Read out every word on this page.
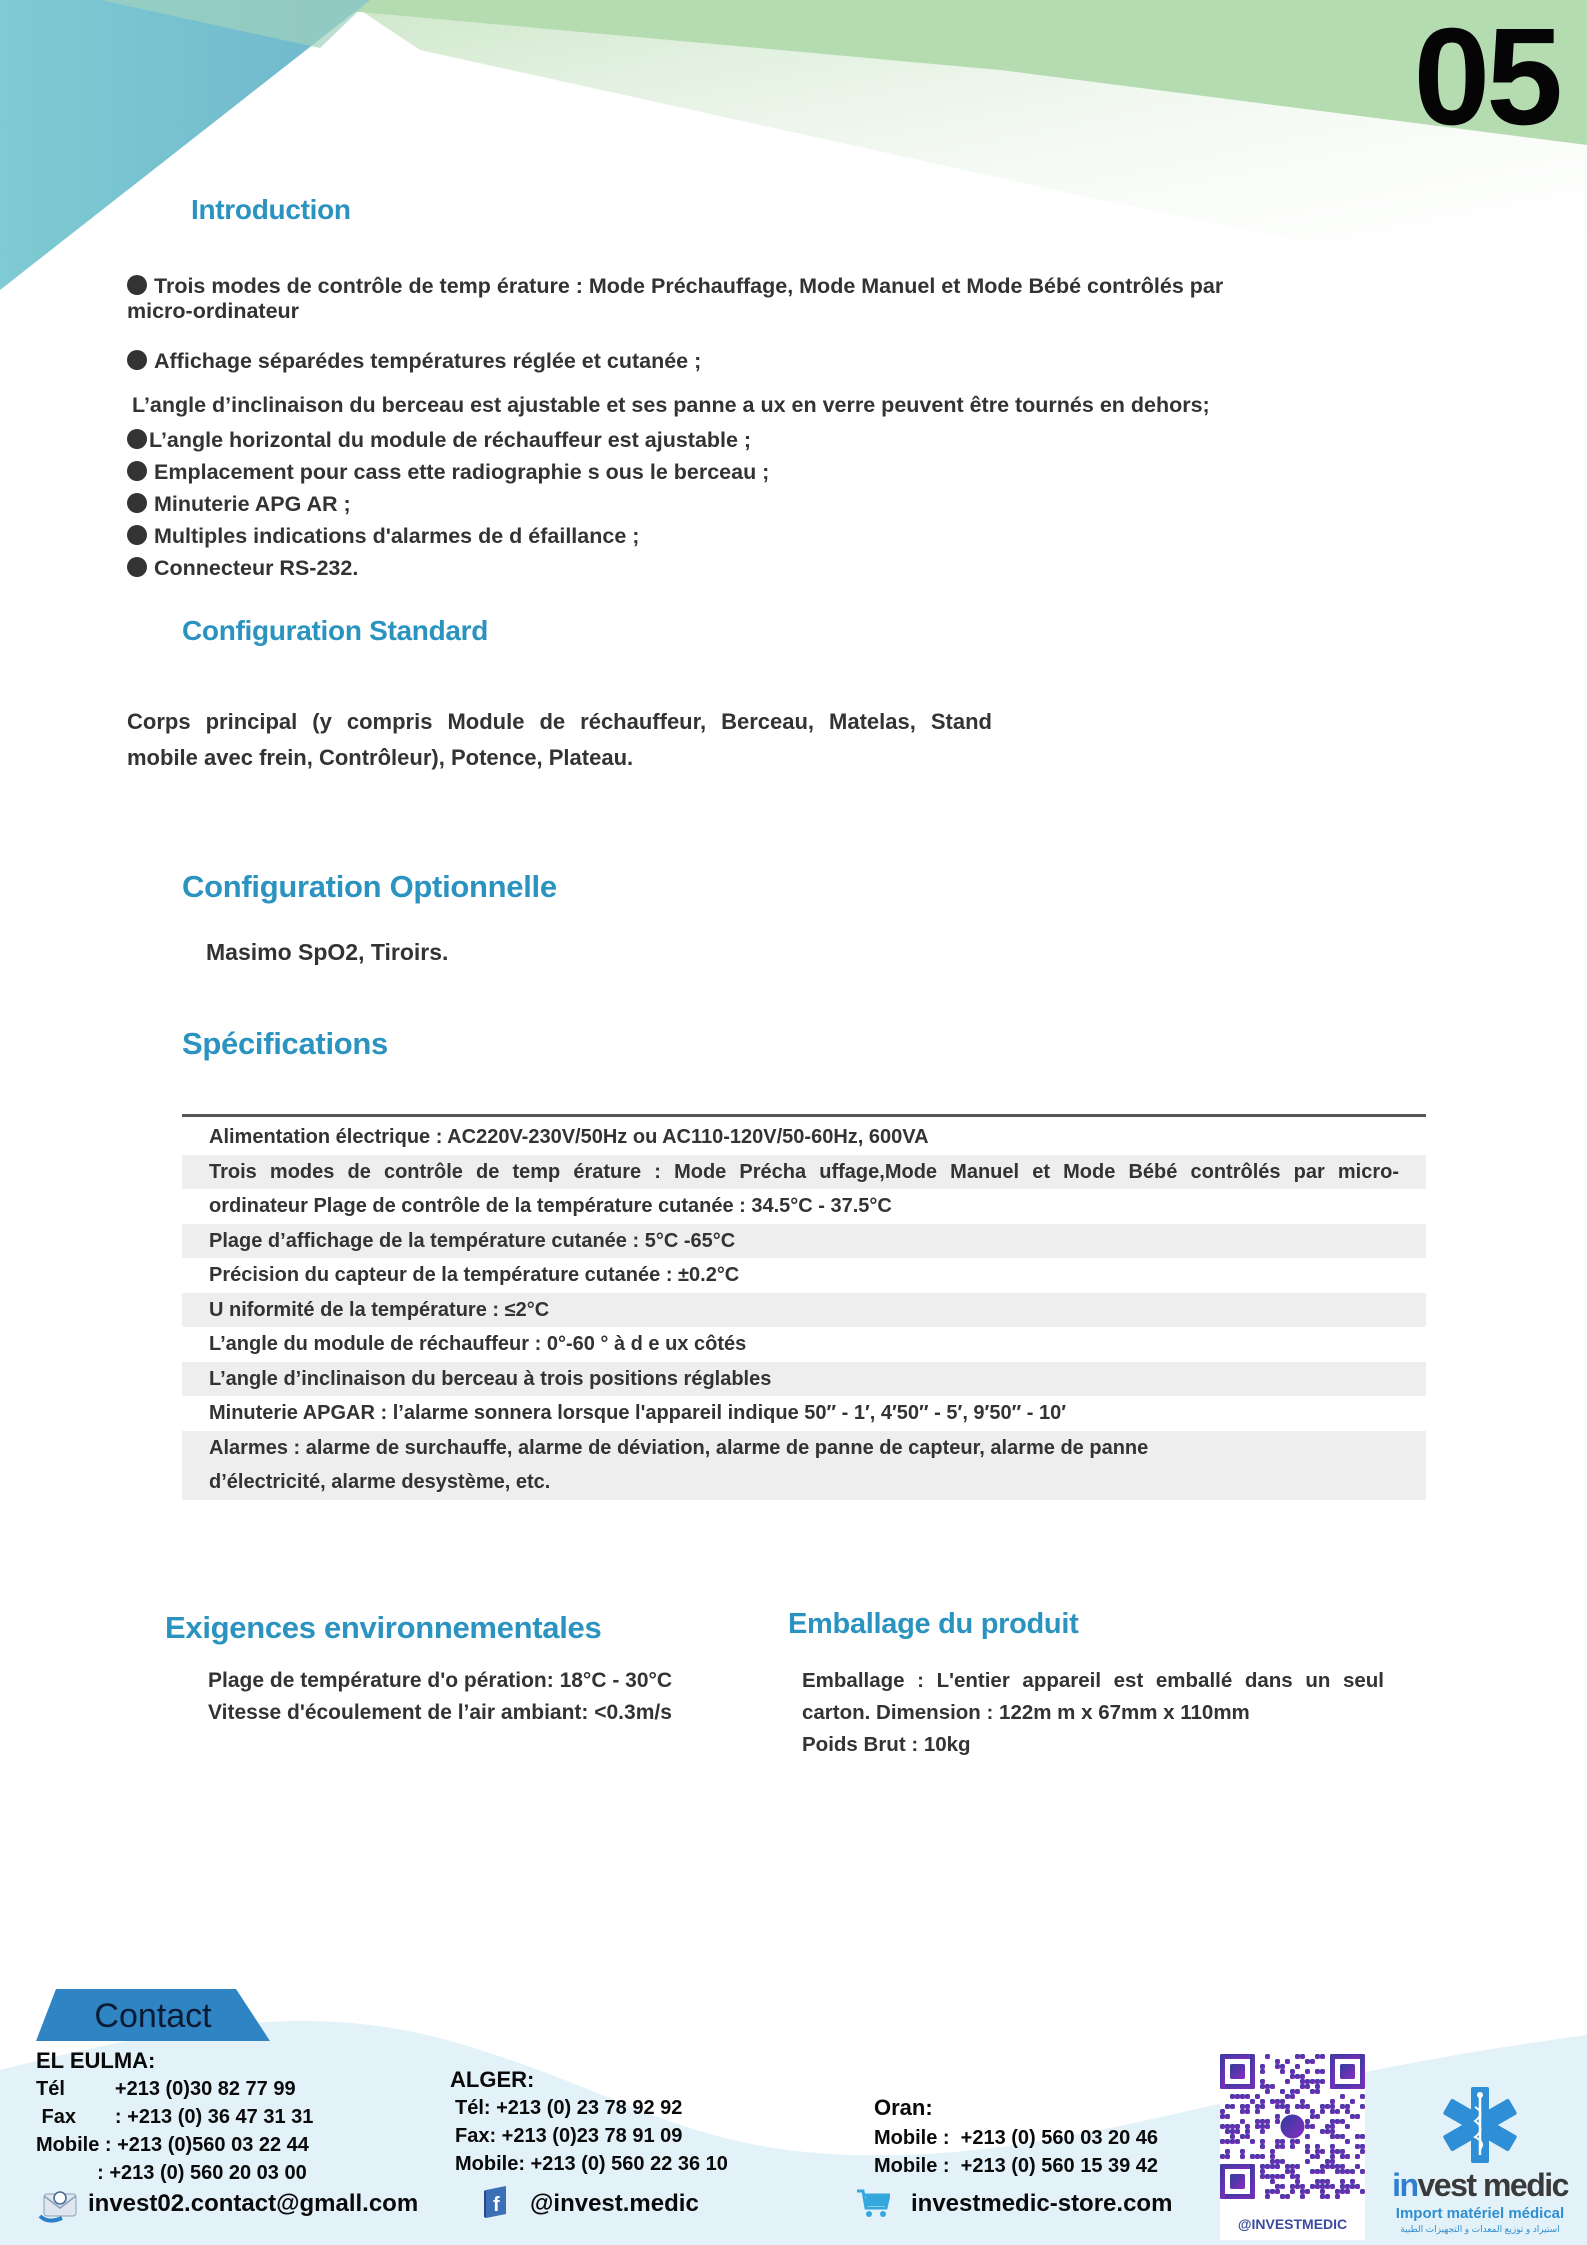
05
Introduction
Trois modes de contrôle de temp érature : Mode Préchauffage, Mode Manuel et Mode Bébé contrôlés par
micro-ordinateur
Affichage séparédes températures réglée et cutanée ;
L’angle d’inclinaison du berceau est ajustable et ses panne a ux en verre peuvent être tournés en dehors;
L’angle horizontal du module de réchauffeur est ajustable ;
Emplacement pour cass ette radiographie s ous le berceau ;
Minuterie APG AR ;
Multiples indications d'alarmes de d éfaillance ;
Connecteur RS-232.
Configuration Standard
Corps principal (y compris Module de réchauffeur, Berceau, Matelas, Stand
mobile avec frein, Contrôleur), Potence, Plateau.
Configuration Optionnelle
Masimo SpO2, Tiroirs.
Spécifications
Alimentation électrique : AC220V-230V/50Hz ou AC110-120V/50-60Hz, 600VA
Trois modes de contrôle de temp érature : Mode Précha uffage,Mode Manuel et Mode Bébé contrôlés par micro-
ordinateur Plage de contrôle de la température cutanée : 34.5°C - 37.5°C
Plage d’affichage de la température cutanée : 5°C -65°C
Précision du capteur de la température cutanée : ±0.2°C
U niformité de la température : ≤2°C
L’angle du module de réchauffeur : 0°-60 ° à d e ux côtés
L’angle d’inclinaison du berceau à trois positions réglables
Minuterie APGAR : l’alarme sonnera lorsque l'appareil indique 50″ - 1′, 4′50″ - 5′, 9′50″ - 10′
Alarmes : alarme de surchauffe, alarme de déviation, alarme de panne de capteur, alarme de panne
d’électricité, alarme desystème, etc.
Exigences environnementales
Plage de température d'o pération: 18°C - 30°C
Vitesse d'écoulement de l’air ambiant: <0.3m/s
Emballage du produit
Emballage : L'entier appareil est emballé dans un seul
carton. Dimension : 122m m x 67mm x 110mm
Poids Brut : 10kg
Contact
EL EULMA:
Tél         +213 (0)30 82 77 99
Fax       : +213 (0) 36 47 31 31
Mobile : +213 (0)560 03 22 44
: +213 (0) 560 20 03 00
invest02.contact@gmall.com
ALGER:
Tél: +213 (0) 23 78 92 92
Fax: +213 (0)23 78 91 09
Mobile: +213 (0) 560 22 36 10
f @invest.medic
Oran:
Mobile :  +213 (0) 560 03 20 46
Mobile :  +213 (0) 560 15 39 42
investmedic-store.com
@INVESTMEDIC
invest medic
Import matériel médical
استيراد و توزيع المعدات و التجهيزات الطبية
